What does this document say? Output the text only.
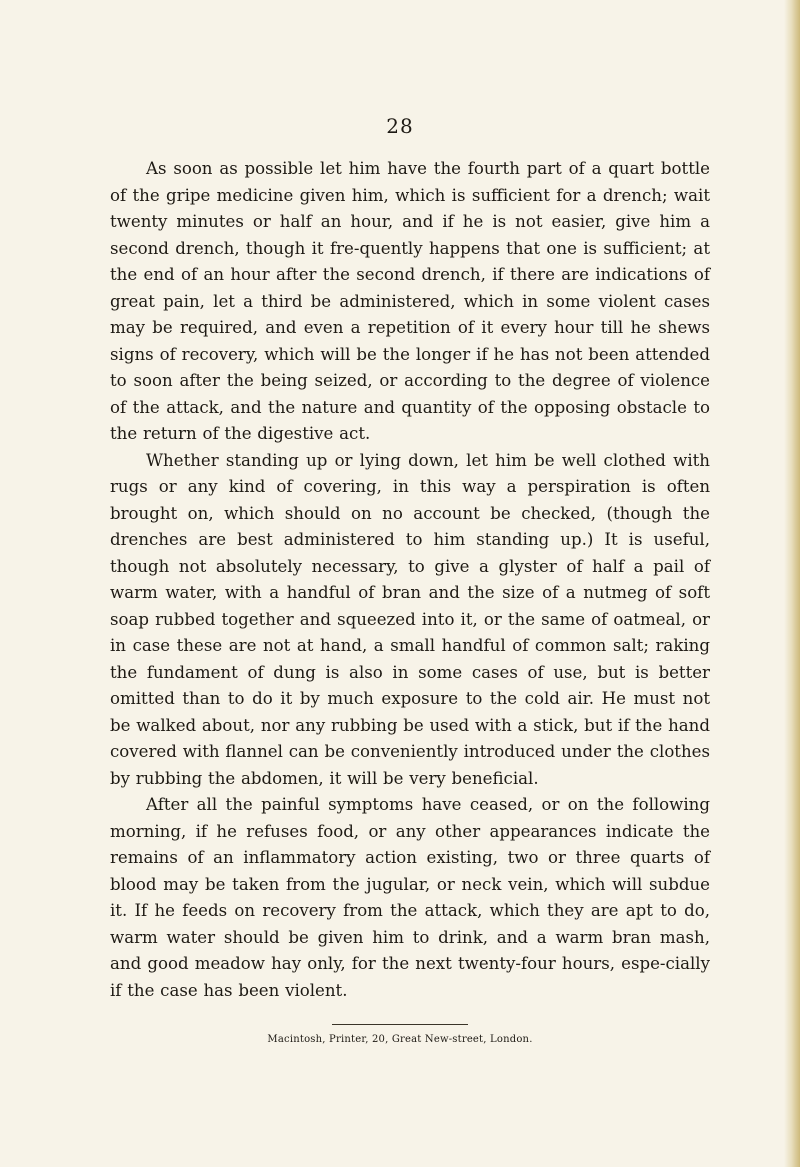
28

As soon as possible let him have the fourth part of a quart bottle of the gripe medicine given him, which is sufficient for a drench; wait twenty minutes or half an hour, and if he is not easier, give him a second drench, though it fre-quently happens that one is sufficient; at the end of an hour after the second drench, if there are indications of great pain, let a third be administered, which in some violent cases may be required, and even a repetition of it every hour till he shews signs of recovery, which will be the longer if he has not been attended to soon after the being seized, or according to the degree of violence of the attack, and the nature and quantity of the opposing obstacle to the return of the digestive act.

Whether standing up or lying down, let him be well clothed with rugs or any kind of covering, in this way a perspiration is often brought on, which should on no account be checked, (though the drenches are best administered to him standing up.) It is useful, though not absolutely necessary, to give a glyster of half a pail of warm water, with a handful of bran and the size of a nutmeg of soft soap rubbed together and squeezed into it, or the same of oatmeal, or in case these are not at hand, a small handful of common salt; raking the fundament of dung is also in some cases of use, but is better omitted than to do it by much exposure to the cold air. He must not be walked about, nor any rubbing be used with a stick, but if the hand covered with flannel can be conveniently introduced under the clothes by rubbing the abdomen, it will be very beneficial.

After all the painful symptoms have ceased, or on the following morning, if he refuses food, or any other appearances indicate the remains of an inflammatory action existing, two or three quarts of blood may be taken from the jugular, or neck vein, which will subdue it. If he feeds on recovery from the attack, which they are apt to do, warm water should be given him to drink, and a warm bran mash, and good meadow hay only, for the next twenty-four hours, espe-cially if the case has been violent.

Macintosh, Printer, 20, Great New-street, London.
